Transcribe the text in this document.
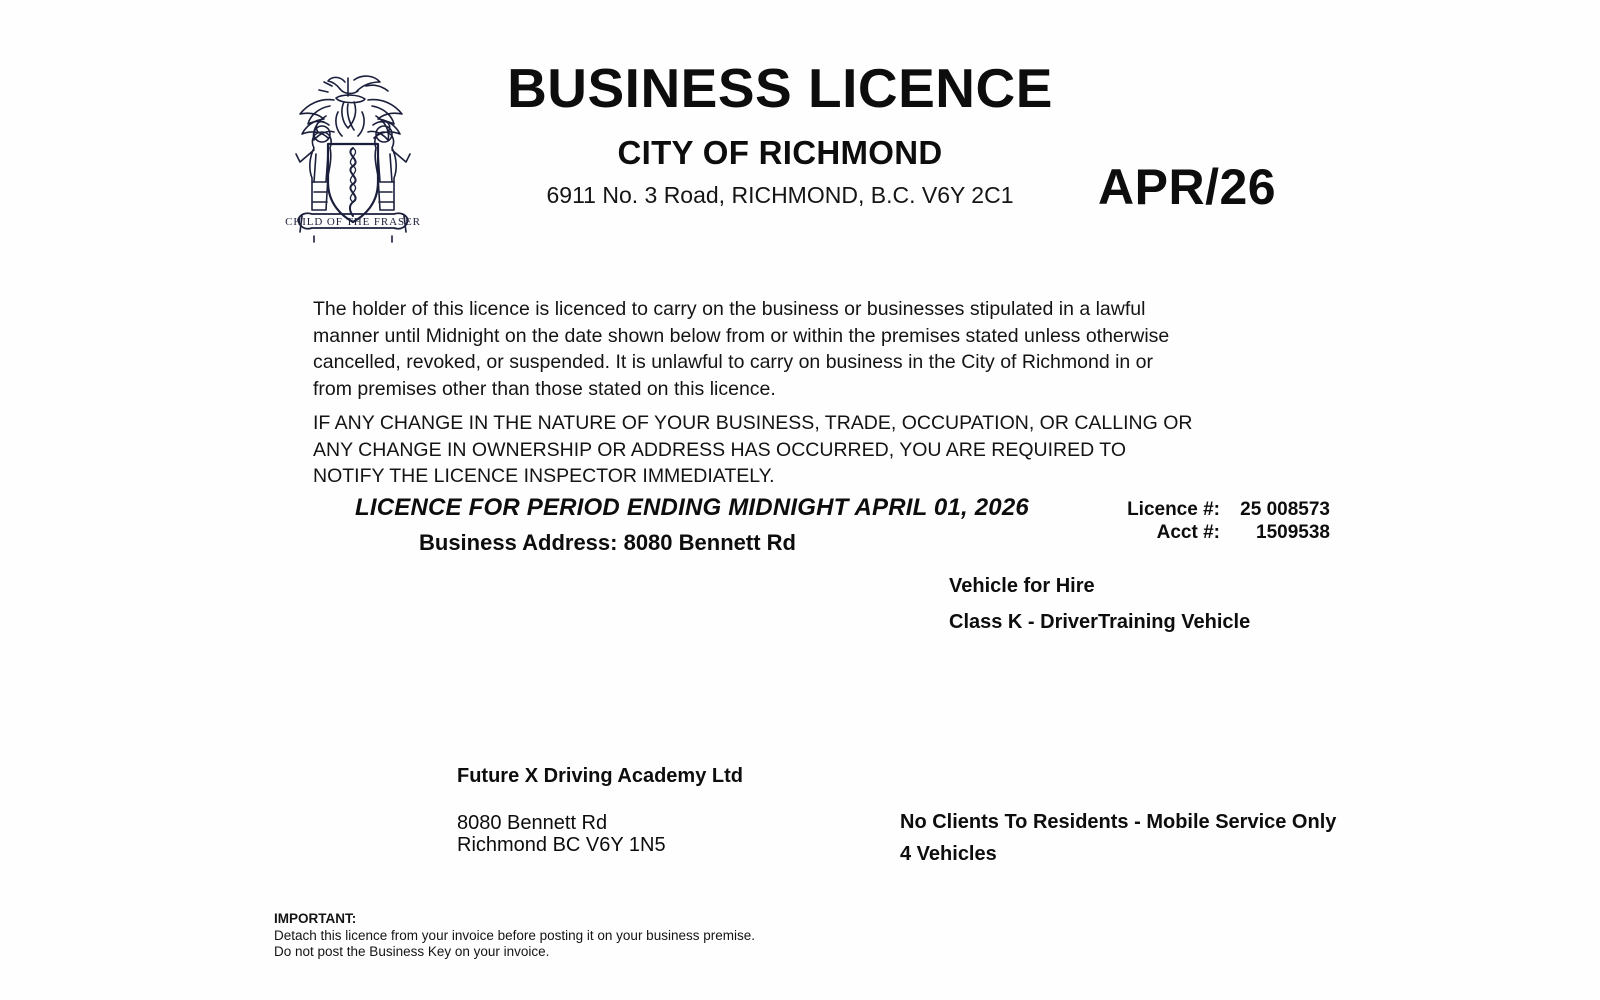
CHILD OF THE FRASER
BUSINESS LICENCE
CITY OF RICHMOND
6911 No. 3 Road, RICHMOND, B.C. V6Y 2C1	APR/26
The holder of this licence is licenced to carry on the business or businesses stipulated in a lawful
manner until Midnight on the date shown below from or within the premises stated unless otherwise
cancelled, revoked, or suspended. It is unlawful to carry on business in the City of Richmond in or
from premises other than those stated on this licence.
IF ANY CHANGE IN THE NATURE OF YOUR BUSINESS, TRADE, OCCUPATION, OR CALLING OR
ANY CHANGE IN OWNERSHIP OR ADDRESS HAS OCCURRED, YOU ARE REQUIRED TO
NOTIFY THE LICENCE INSPECTOR IMMEDIATELY.
LICENCE FOR PERIOD ENDING MIDNIGHT APRIL 01, 2026
Business Address: 8080 Bennett Rd
Licence #:	25 008573
Acct #:	1509538
Vehicle for Hire
Class K - DriverTraining Vehicle
Future X Driving Academy Ltd
8080 Bennett Rd
Richmond BC V6Y 1N5
No Clients To Residents - Mobile Service Only
4 Vehicles
IMPORTANT:
Detach this licence from your invoice before posting it on your business premise.
Do not post the Business Key on your invoice.
